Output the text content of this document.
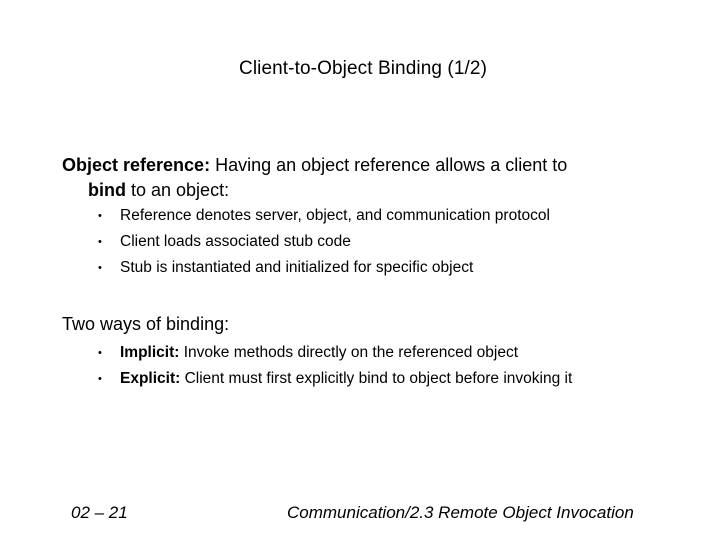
Client-to-Object Binding (1/2)
Object reference: Having an object reference allows a client to
bind to an object:
• Reference denotes server, object, and communication protocol
• Client loads associated stub code
• Stub is instantiated and initialized for specific object
Two ways of binding:
• Implicit: Invoke methods directly on the referenced object
• Explicit: Client must first explicitly bind to object before invoking it
02 – 21	Communication/2.3 Remote Object Invocation
